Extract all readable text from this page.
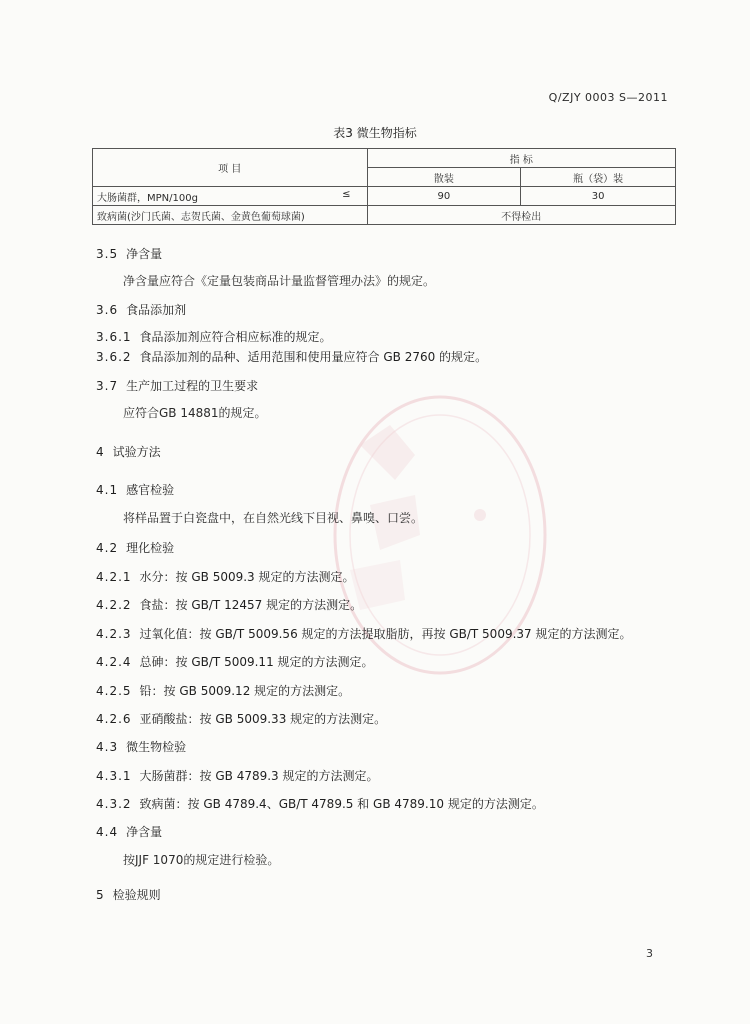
Q/ZJY 0003 S—2011
表3 微生物指标
项 目	指 标	
	散装	瓶（袋）装
大肠菌群，MPN/100g ≤	90	30
致病菌(沙门氏菌、志贺氏菌、金黄色葡萄球菌)	不得检出	
3.5 净含量
净含量应符合《定量包装商品计量监督管理办法》的规定。
3.6 食品添加剂
3.6.1 食品添加剂应符合相应标准的规定。
3.6.2 食品添加剂的品种、适用范围和使用量应符合 GB 2760 的规定。
3.7 生产加工过程的卫生要求
应符合GB 14881的规定。
4 试验方法
4.1 感官检验
将样品置于白瓷盘中，在自然光线下目视、鼻嗅、口尝。
4.2 理化检验
4.2.1 水分：按 GB 5009.3 规定的方法测定。
4.2.2 食盐：按 GB/T 12457 规定的方法测定。
4.2.3 过氧化值：按 GB/T 5009.56 规定的方法提取脂肪，再按 GB/T 5009.37 规定的方法测定。
4.2.4 总砷：按 GB/T 5009.11 规定的方法测定。
4.2.5 铅：按 GB 5009.12 规定的方法测定。
4.2.6 亚硝酸盐：按 GB 5009.33 规定的方法测定。
4.3 微生物检验
4.3.1 大肠菌群：按 GB 4789.3 规定的方法测定。
4.3.2 致病菌：按 GB 4789.4、GB/T 4789.5 和 GB 4789.10 规定的方法测定。
4.4 净含量
按JJF 1070的规定进行检验。
5 检验规则
3
